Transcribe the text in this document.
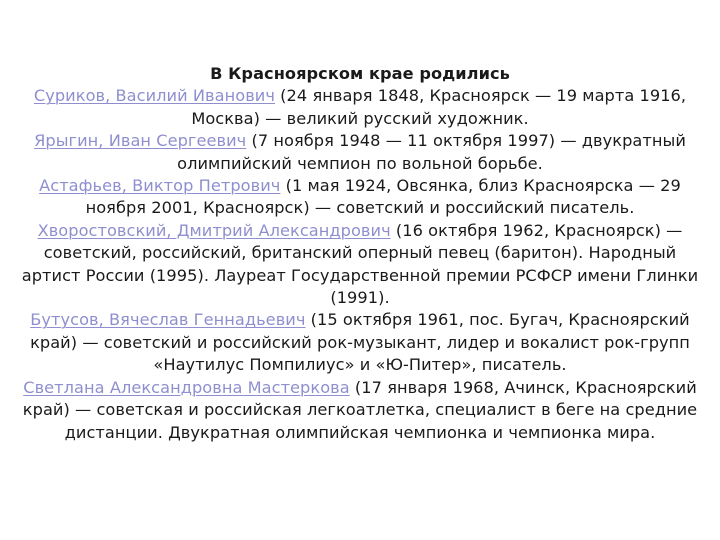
В Красноярском крае родились

Суриков, Василий Иванович (24 января 1848, Красноярск — 19 марта 1916, Москва) — великий русский художник.

Ярыгин, Иван Сергеевич (7 ноября 1948 — 11 октября 1997) — двукратный олимпийский чемпион по вольной борьбе.

Астафьев, Виктор Петрович (1 мая 1924, Овсянка, близ Красноярска — 29 ноября 2001, Красноярск) — советский и российский писатель.

Хворостовский, Дмитрий Александрович (16 октября 1962, Красноярск) — советский, российский, британский оперный певец (баритон). Народный артист России (1995). Лауреат Государственной премии РСФСР имени Глинки (1991).

Бутусов, Вячеслав Геннадьевич (15 октября 1961, пос. Бугач, Красноярский край) — советский и российский рок-музыкант, лидер и вокалист рок-групп «Наутилус Помпилиус» и «Ю-Питер», писатель.

Светлана Александровна Мастеркова (17 января 1968, Ачинск, Красноярский край) — советская и российская легкоатлетка, специалист в беге на средние дистанции. Двукратная олимпийская чемпионка и чемпионка мира.
